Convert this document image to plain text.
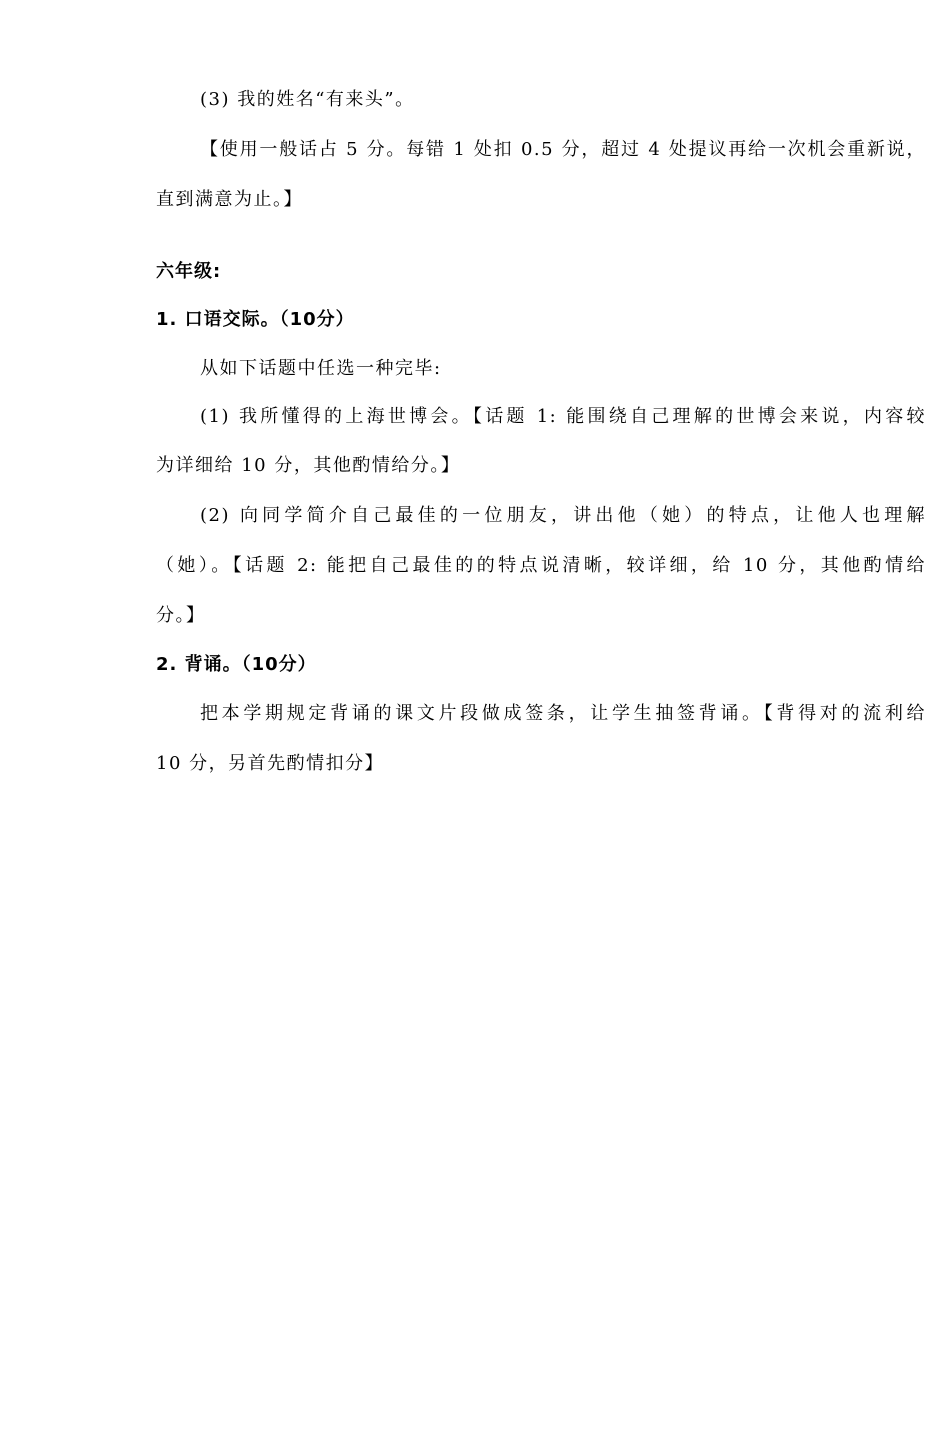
(3) 我的姓名“有来头”。
【使用一般话占 5 分。每错 1 处扣 0.5 分，超过 4 处提议再给一次机会重新说，
直到满意为止。】
六年级:
1. 口语交际。（10分）
从如下话题中任选一种完毕:
(1) 我所懂得的上海世博会。【话题 1: 能围绕自己理解的世博会来说，内容较
为详细给 10 分，其他酌情给分。】
(2) 向同学简介自己最佳的一位朋友，讲出他（她）的特点，让他人也理解
（她）。【话题 2: 能把自己最佳的的特点说清晰，较详细，给 10 分，其他酌情给
分。】
2. 背诵。（10分）
把本学期规定背诵的课文片段做成签条，让学生抽签背诵。【背得对的流利给
10 分，另首先酌情扣分】
